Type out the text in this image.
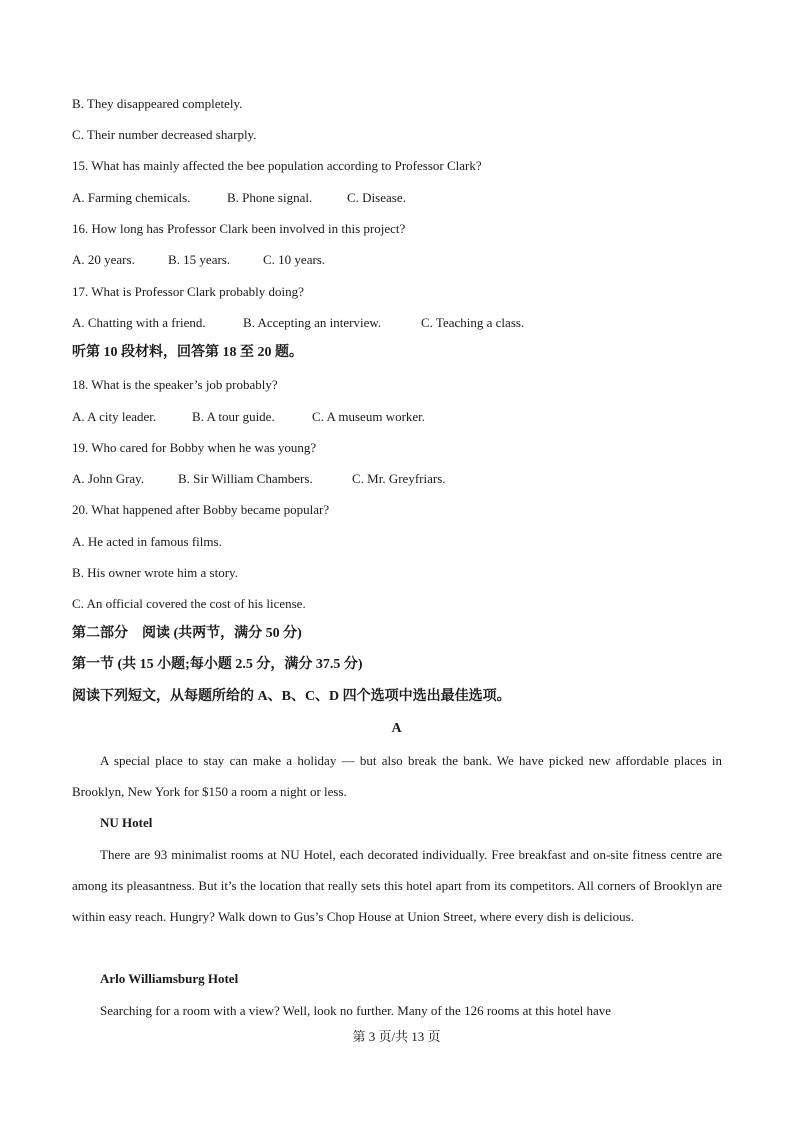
B. They disappeared completely.
C. Their number decreased sharply.
15. What has mainly affected the bee population according to Professor Clark?
A. Farming chemicals.	B. Phone signal.	C. Disease.
16. How long has Professor Clark been involved in this project?
A. 20 years.	B. 15 years.	C. 10 years.
17. What is Professor Clark probably doing?
A. Chatting with a friend.	B. Accepting an interview.	C. Teaching a class.
听第 10 段材料，回答第 18 至 20 题。
18. What is the speaker’s job probably?
A. A city leader.	B. A tour guide.	C. A museum worker.
19. Who cared for Bobby when he was young?
A. John Gray.	B. Sir William Chambers.	C. Mr. Greyfriars.
20. What happened after Bobby became popular?
A. He acted in famous films.
B. His owner wrote him a story.
C. An official covered the cost of his license.
第二部分　阅读 (共两节，满分 50 分)
第一节 (共 15 小题;每小题 2.5 分，满分 37.5 分)
阅读下列短文，从每题所给的 A、B、C、D 四个选项中选出最佳选项。
A
A special place to stay can make a holiday — but also break the bank. We have picked new affordable places in Brooklyn, New York for $150 a room a night or less.
NU Hotel
There are 93 minimalist rooms at NU Hotel, each decorated individually. Free breakfast and on-site fitness centre are among its pleasantness. But it’s the location that really sets this hotel apart from its competitors. All corners of Brooklyn are within easy reach. Hungry? Walk down to Gus’s Chop House at Union Street, where every dish is delicious.
Arlo Williamsburg Hotel
Searching for a room with a view? Well, look no further. Many of the 126 rooms at this hotel have
第 3 页/共 13 页
